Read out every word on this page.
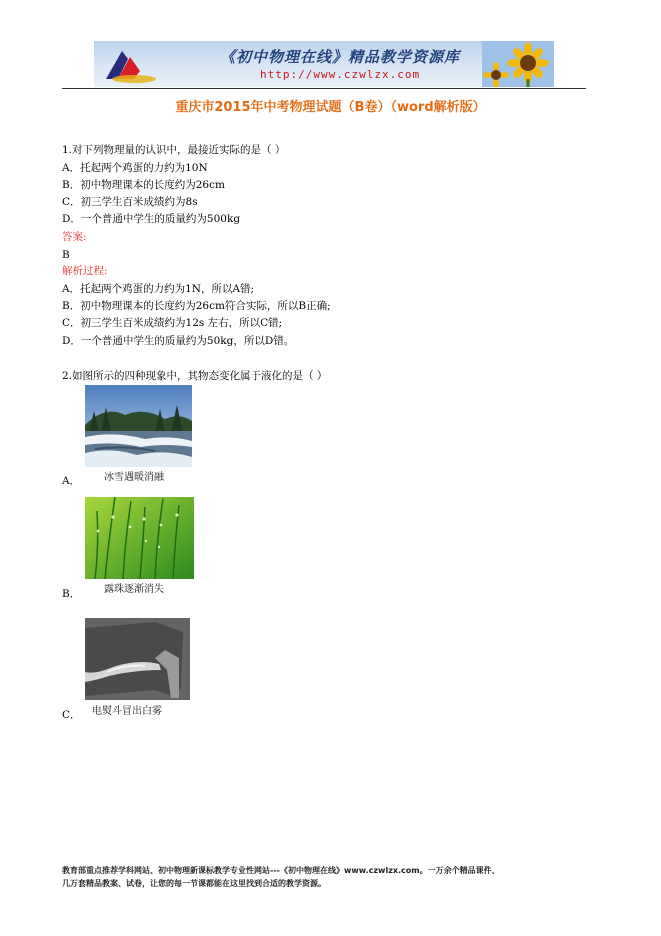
《初中物理在线》精品教学资源库
http://www.czwlzx.com
重庆市2015年中考物理试题（B卷）（word解析版）
1.对下列物理量的认识中，最接近实际的是（ ）
A．托起两个鸡蛋的力约为10N
B．初中物理课本的长度约为26cm
C．初三学生百米成绩约为8s
D．一个普通中学生的质量约为500kg
答案:
B
解析过程:
A．托起两个鸡蛋的力约为1N，所以A错;
B．初中物理课本的长度约为26cm符合实际，所以B正确;
C．初三学生百米成绩约为12s 左右，所以C错;
D．一个普通中学生的质量约为50kg，所以D错。
2.如图所示的四种现象中，其物态变化属于液化的是（ ）
冰雪遇暖消融
A．
露珠逐渐消失
B．
电熨斗冒出白雾
C．
教育部重点推荐学科网站、初中物理新课标教学专业性网站---《初中物理在线》www.czwlzx.com。一万余个精品课件、
几万套精品教案、试卷，让您的每一节课都能在这里找到合适的教学资源。
